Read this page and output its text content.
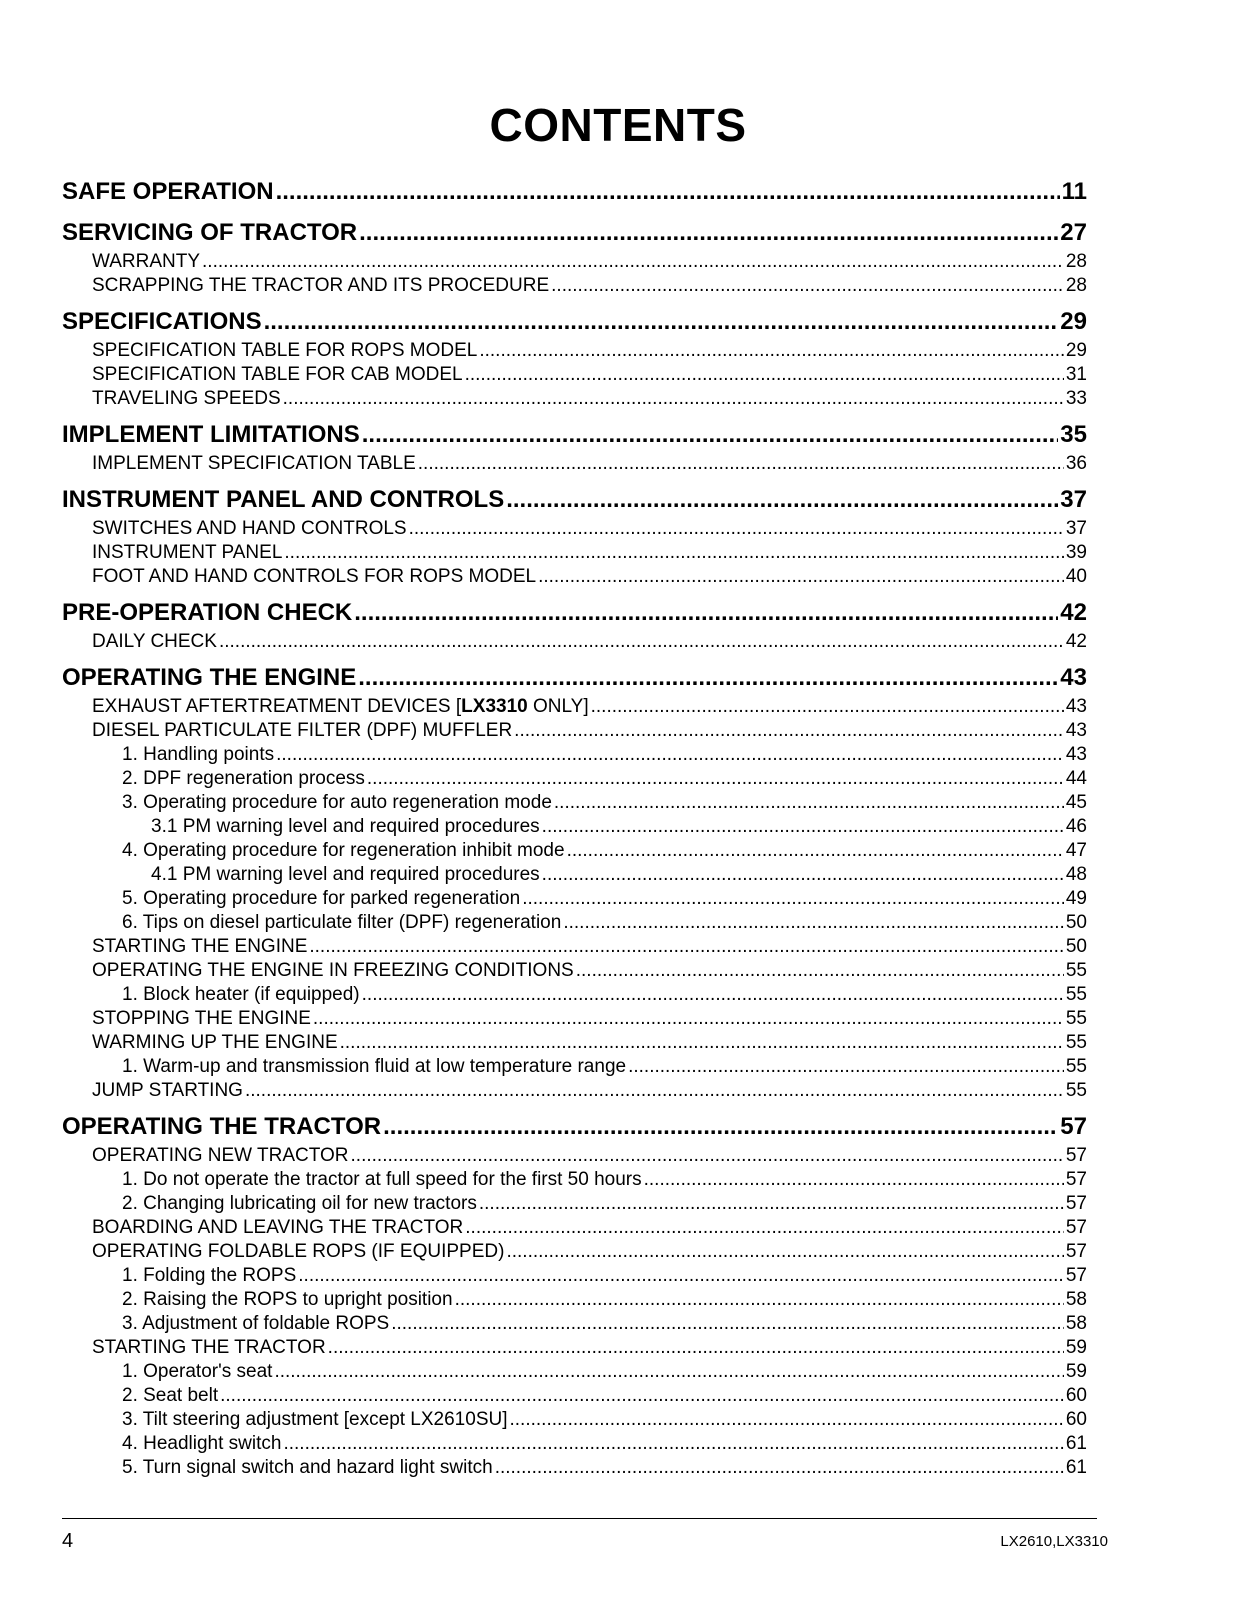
CONTENTS
SAFE OPERATION .....	11
SERVICING OF TRACTOR .....	27
WARRANTY .....	28
SCRAPPING THE TRACTOR AND ITS PROCEDURE .....	28
SPECIFICATIONS .....	29
SPECIFICATION TABLE FOR ROPS MODEL .....	29
SPECIFICATION TABLE FOR CAB MODEL .....	31
TRAVELING SPEEDS .....	33
IMPLEMENT LIMITATIONS .....	35
IMPLEMENT SPECIFICATION TABLE .....	36
INSTRUMENT PANEL AND CONTROLS .....	37
SWITCHES AND HAND CONTROLS .....	37
INSTRUMENT PANEL .....	39
FOOT AND HAND CONTROLS FOR ROPS MODEL .....	40
PRE-OPERATION CHECK .....	42
DAILY CHECK .....	42
OPERATING THE ENGINE .....	43
EXHAUST AFTERTREATMENT DEVICES [LX3310 ONLY] .....	43
DIESEL PARTICULATE FILTER (DPF) MUFFLER .....	43
1. Handling points .....	43
2. DPF regeneration process .....	44
3. Operating procedure for auto regeneration mode .....	45
3.1 PM warning level and required procedures .....	46
4. Operating procedure for regeneration inhibit mode .....	47
4.1 PM warning level and required procedures .....	48
5. Operating procedure for parked regeneration .....	49
6. Tips on diesel particulate filter (DPF) regeneration .....	50
STARTING THE ENGINE .....	50
OPERATING THE ENGINE IN FREEZING CONDITIONS .....	55
1. Block heater (if equipped) .....	55
STOPPING THE ENGINE .....	55
WARMING UP THE ENGINE .....	55
1. Warm-up and transmission fluid at low temperature range .....	55
JUMP STARTING .....	55
OPERATING THE TRACTOR .....	57
OPERATING NEW TRACTOR .....	57
1. Do not operate the tractor at full speed for the first 50 hours .....	57
2. Changing lubricating oil for new tractors .....	57
BOARDING AND LEAVING THE TRACTOR .....	57
OPERATING FOLDABLE ROPS (IF EQUIPPED) .....	57
1. Folding the ROPS .....	57
2. Raising the ROPS to upright position .....	58
3. Adjustment of foldable ROPS .....	58
STARTING THE TRACTOR .....	59
1. Operator's seat .....	59
2. Seat belt .....	60
3. Tilt steering adjustment [except LX2610SU] .....	60
4. Headlight switch .....	61
5. Turn signal switch and hazard light switch .....	61
4	LX2610,LX3310
